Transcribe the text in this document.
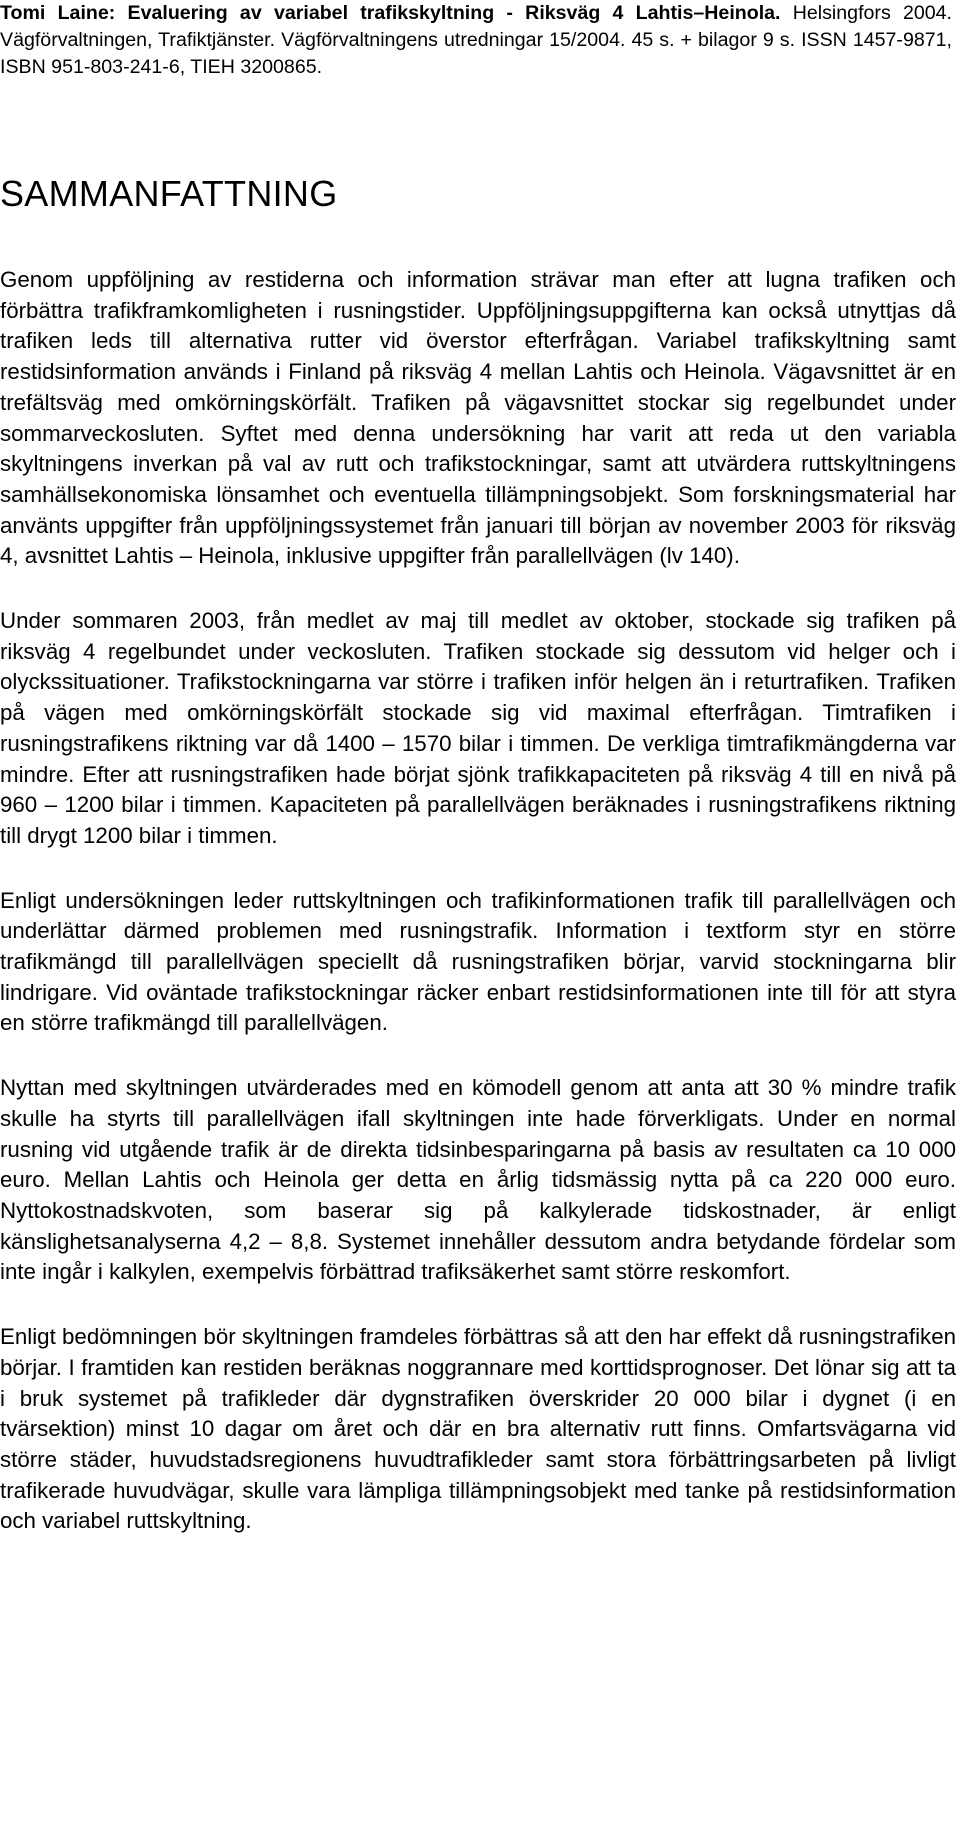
Tomi Laine: Evaluering av variabel trafikskyltning - Riksväg 4 Lahtis–Heinola. Helsingfors 2004. Vägförvaltningen, Trafiktjänster. Vägförvaltningens utredningar 15/2004. 45 s. + bilagor 9 s. ISSN 1457-9871, ISBN 951-803-241-6, TIEH 3200865.
SAMMANFATTNING

Genom uppföljning av restiderna och information strävar man efter att lugna trafiken och förbättra trafikframkomligheten i rusningstider. Uppföljningsuppgifterna kan också utnyttjas då trafiken leds till alternativa rutter vid överstor efterfrågan. Variabel trafikskyltning samt restidsinformation används i Finland på riksväg 4 mellan Lahtis och Heinola. Vägavsnittet är en trefältsväg med omkörningskörfält. Trafiken på vägavsnittet stockar sig regelbundet under sommarveckosluten. Syftet med denna undersökning har varit att reda ut den variabla skyltningens inverkan på val av rutt och trafikstockningar, samt att utvärdera ruttskyltningens samhällsekonomiska lönsamhet och eventuella tillämpningsobjekt. Som forskningsmaterial har använts uppgifter från uppföljningssystemet från januari till början av november 2003 för riksväg 4, avsnittet Lahtis – Heinola, inklusive uppgifter från parallellvägen (lv 140).

Under sommaren 2003, från medlet av maj till medlet av oktober, stockade sig trafiken på riksväg 4 regelbundet under veckosluten. Trafiken stockade sig dessutom vid helger och i olyckssituationer. Trafikstockningarna var större i trafiken inför helgen än i returtrafiken. Trafiken på vägen med omkörningskörfält stockade sig vid maximal efterfrågan. Timtrafiken i rusningstrafikens riktning var då 1400 – 1570 bilar i timmen. De verkliga timtrafikmängderna var mindre. Efter att rusningstrafiken hade börjat sjönk trafikkapaciteten på riksväg 4 till en nivå på 960 – 1200 bilar i timmen. Kapaciteten på parallellvägen beräknades i rusningstrafikens riktning till drygt 1200 bilar i timmen.

Enligt undersökningen leder ruttskyltningen och trafikinformationen trafik till parallellvägen och underlättar därmed problemen med rusningstrafik. Information i textform styr en större trafikmängd till parallellvägen speciellt då rusningstrafiken börjar, varvid stockningarna blir lindrigare. Vid oväntade trafikstockningar räcker enbart restidsinformationen inte till för att styra en större trafikmängd till parallellvägen.

Nyttan med skyltningen utvärderades med en kömodell genom att anta att 30 % mindre trafik skulle ha styrts till parallellvägen ifall skyltningen inte hade förverkligats. Under en normal rusning vid utgående trafik är de direkta tidsinbesparingarna på basis av resultaten ca 10 000 euro. Mellan Lahtis och Heinola ger detta en årlig tidsmässig nytta på ca 220 000 euro. Nyttokostnadskvoten, som baserar sig på kalkylerade tidskostnader, är enligt känslighetsanalyserna 4,2 – 8,8. Systemet innehåller dessutom andra betydande fördelar som inte ingår i kalkylen, exempelvis förbättrad trafiksäkerhet samt större reskomfort.

Enligt bedömningen bör skyltningen framdeles förbättras så att den har effekt då rusningstrafiken börjar. I framtiden kan restiden beräknas noggrannare med korttidsprognoser. Det lönar sig att ta i bruk systemet på trafikleder där dygnstrafiken överskrider 20 000 bilar i dygnet (i en tvärsektion) minst 10 dagar om året och där en bra alternativ rutt finns. Omfartsvägarna vid större städer, huvudstadsregionens huvudtrafikleder samt stora förbättringsarbeten på livligt trafikerade huvudvägar, skulle vara lämpliga tillämpningsobjekt med tanke på restidsinformation och variabel ruttskyltning.
